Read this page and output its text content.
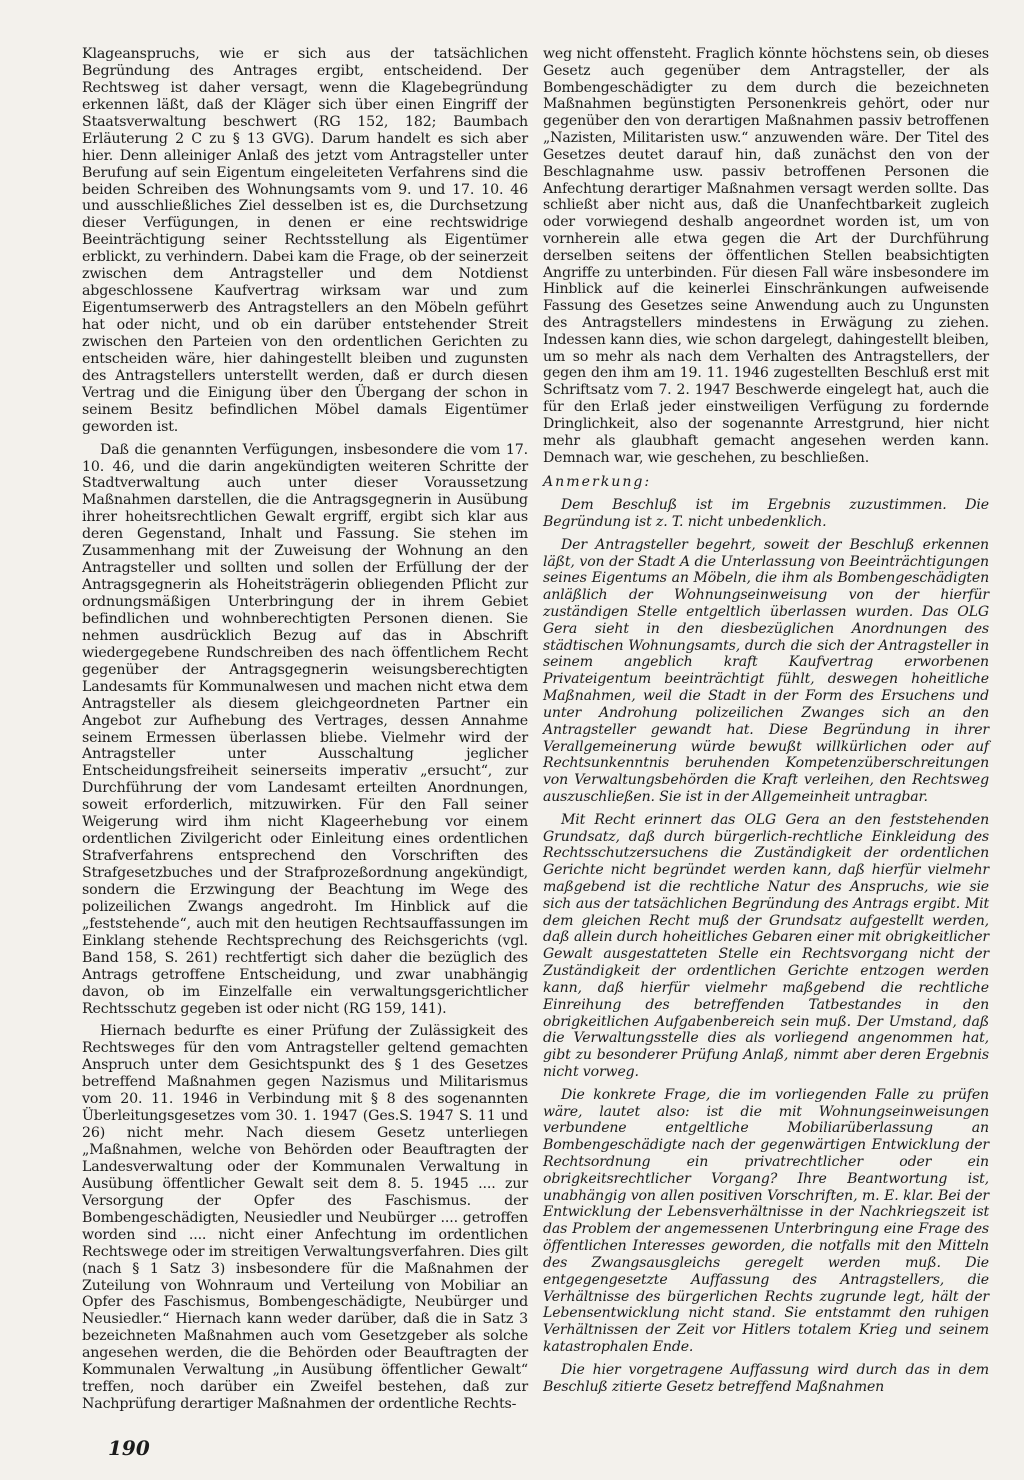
Klageanspruchs, wie er sich aus der tatsächlichen Begründung des Antrages ergibt, entscheidend. Der Rechtsweg ist daher versagt, wenn die Klagebegründung erkennen läßt, daß der Kläger sich über einen Eingriff der Staatsverwaltung beschwert (RG 152, 182; Baumbach Erläuterung 2 C zu § 13 GVG). Darum handelt es sich aber hier. Denn alleiniger Anlaß des jetzt vom Antragsteller unter Berufung auf sein Eigentum eingeleiteten Verfahrens sind die beiden Schreiben des Wohnungsamts vom 9. und 17. 10. 46 und ausschließliches Ziel desselben ist es, die Durchsetzung dieser Verfügungen, in denen er eine rechtswidrige Beeinträchtigung seiner Rechtsstellung als Eigentümer erblickt, zu verhindern. Dabei kam die Frage, ob der seinerzeit zwischen dem Antragsteller und dem Notdienst abgeschlossene Kaufvertrag wirksam war und zum Eigentumserwerb des Antragstellers an den Möbeln geführt hat oder nicht, und ob ein darüber entstehender Streit zwischen den Parteien von den ordentlichen Gerichten zu entscheiden wäre, hier dahingestellt bleiben und zugunsten des Antragstellers unterstellt werden, daß er durch diesen Vertrag und die Einigung über den Übergang der schon in seinem Besitz befindlichen Möbel damals Eigentümer geworden ist.

Daß die genannten Verfügungen, insbesondere die vom 17. 10. 46, und die darin angekündigten weiteren Schritte der Stadtverwaltung auch unter dieser Voraussetzung Maßnahmen darstellen, die die Antragsgegnerin in Ausübung ihrer hoheitsrechtlichen Gewalt ergriff, ergibt sich klar aus deren Gegenstand, Inhalt und Fassung. Sie stehen im Zusammenhang mit der Zuweisung der Wohnung an den Antragsteller und sollten und sollen der Erfüllung der der Antragsgegnerin als Hoheitsträgerin obliegenden Pflicht zur ordnungsmäßigen Unterbringung der in ihrem Gebiet befindlichen und wohnberechtigten Personen dienen. Sie nehmen ausdrücklich Bezug auf das in Abschrift wiedergegebene Rundschreiben des nach öffentlichem Recht gegenüber der Antragsgegnerin weisungsberechtigten Landesamts für Kommunalwesen und machen nicht etwa dem Antragsteller als diesem gleichgeordneten Partner ein Angebot zur Aufhebung des Vertrages, dessen Annahme seinem Ermessen überlassen bliebe. Vielmehr wird der Antragsteller unter Ausschaltung jeglicher Entscheidungsfreiheit seinerseits imperativ „ersucht“, zur Durchführung der vom Landesamt erteilten Anordnungen, soweit erforderlich, mitzuwirken. Für den Fall seiner Weigerung wird ihm nicht Klageerhebung vor einem ordentlichen Zivilgericht oder Einleitung eines ordentlichen Strafverfahrens entsprechend den Vorschriften des Strafgesetzbuches und der Strafprozeßordnung angekündigt, sondern die Erzwingung der Beachtung im Wege des polizeilichen Zwangs angedroht. Im Hinblick auf die „feststehende“, auch mit den heutigen Rechtsauffassungen im Einklang stehende Rechtsprechung des Reichsgerichts (vgl. Band 158, S. 261) rechtfertigt sich daher die bezüglich des Antrags getroffene Entscheidung, und zwar unabhängig davon, ob im Einzelfalle ein verwaltungsgerichtlicher Rechtsschutz gegeben ist oder nicht (RG 159, 141).

Hiernach bedurfte es einer Prüfung der Zulässigkeit des Rechtsweges für den vom Antragsteller geltend gemachten Anspruch unter dem Gesichtspunkt des § 1 des Gesetzes betreffend Maßnahmen gegen Nazismus und Militarismus vom 20. 11. 1946 in Verbindung mit § 8 des sogenannten Überleitungsgesetzes vom 30. 1. 1947 (Ges.S. 1947 S. 11 und 26) nicht mehr. Nach diesem Gesetz unterliegen „Maßnahmen, welche von Behörden oder Beauftragten der Landesverwaltung oder der Kommunalen Verwaltung in Ausübung öffentlicher Gewalt seit dem 8. 5. 1945 .... zur Versorgung der Opfer des Faschismus. der Bombengeschädigten, Neusiedler und Neubürger .... getroffen worden sind .... nicht einer Anfechtung im ordentlichen Rechtswege oder im streitigen Verwaltungsverfahren. Dies gilt (nach § 1 Satz 3) insbesondere für die Maßnahmen der Zuteilung von Wohnraum und Verteilung von Mobiliar an Opfer des Faschismus, Bombengeschädigte, Neubürger und Neusiedler.“ Hiernach kann weder darüber, daß die in Satz 3 bezeichneten Maßnahmen auch vom Gesetzgeber als solche angesehen werden, die die Behörden oder Beauftragten der Kommunalen Verwaltung „in Ausübung öffentlicher Gewalt“ treffen, noch darüber ein Zweifel bestehen, daß zur Nachprüfung derartiger Maßnahmen der ordentliche Rechts-

weg nicht offensteht. Fraglich könnte höchstens sein, ob dieses Gesetz auch gegenüber dem Antragsteller, der als Bombengeschädigter zu dem durch die bezeichneten Maßnahmen begünstigten Personenkreis gehört, oder nur gegenüber den von derartigen Maßnahmen passiv betroffenen „Nazisten, Militaristen usw.“ anzuwenden wäre. Der Titel des Gesetzes deutet darauf hin, daß zunächst den von der Beschlagnahme usw. passiv betroffenen Personen die Anfechtung derartiger Maßnahmen versagt werden sollte. Das schließt aber nicht aus, daß die Unanfechtbarkeit zugleich oder vorwiegend deshalb angeordnet worden ist, um von vornherein alle etwa gegen die Art der Durchführung derselben seitens der öffentlichen Stellen beabsichtigten Angriffe zu unterbinden. Für diesen Fall wäre insbesondere im Hinblick auf die keinerlei Einschränkungen aufweisende Fassung des Gesetzes seine Anwendung auch zu Ungunsten des Antragstellers mindestens in Erwägung zu ziehen. Indessen kann dies, wie schon dargelegt, dahingestellt bleiben, um so mehr als nach dem Verhalten des Antragstellers, der gegen den ihm am 19. 11. 1946 zugestellten Beschluß erst mit Schriftsatz vom 7. 2. 1947 Beschwerde eingelegt hat, auch die für den Erlaß jeder einstweiligen Verfügung zu fordernde Dringlichkeit, also der sogenannte Arrestgrund, hier nicht mehr als glaubhaft gemacht angesehen werden kann. Demnach war, wie geschehen, zu beschließen.

Anmerkung:

Dem Beschluß ist im Ergebnis zuzustimmen. Die Begründung ist z. T. nicht unbedenklich.

Der Antragsteller begehrt, soweit der Beschluß erkennen läßt, von der Stadt A die Unterlassung von Beeinträchtigungen seines Eigentums an Möbeln, die ihm als Bombengeschädigten anläßlich der Wohnungseinweisung von der hierfür zuständigen Stelle entgeltlich überlassen wurden. Das OLG Gera sieht in den diesbezüglichen Anordnungen des städtischen Wohnungsamts, durch die sich der Antragsteller in seinem angeblich kraft Kaufvertrag erworbenen Privateigentum beeinträchtigt fühlt, deswegen hoheitliche Maßnahmen, weil die Stadt in der Form des Ersuchens und unter Androhung polizeilichen Zwanges sich an den Antragsteller gewandt hat. Diese Begründung in ihrer Verallgemeinerung würde bewußt willkürlichen oder auf Rechtsunkenntnis beruhenden Kompetenzüberschreitungen von Verwaltungsbehörden die Kraft verleihen, den Rechtsweg auszuschließen. Sie ist in der Allgemeinheit untragbar.

Mit Recht erinnert das OLG Gera an den feststehenden Grundsatz, daß durch bürgerlich-rechtliche Einkleidung des Rechtsschutzersuchens die Zuständigkeit der ordentlichen Gerichte nicht begründet werden kann, daß hierfür vielmehr maßgebend ist die rechtliche Natur des Anspruchs, wie sie sich aus der tatsächlichen Begründung des Antrags ergibt. Mit dem gleichen Recht muß der Grundsatz aufgestellt werden, daß allein durch hoheitliches Gebaren einer mit obrigkeitlicher Gewalt ausgestatteten Stelle ein Rechtsvorgang nicht der Zuständigkeit der ordentlichen Gerichte entzogen werden kann, daß hierfür vielmehr maßgebend die rechtliche Einreihung des betreffenden Tatbestandes in den obrigkeitlichen Aufgabenbereich sein muß. Der Umstand, daß die Verwaltungsstelle dies als vorliegend angenommen hat, gibt zu besonderer Prüfung Anlaß, nimmt aber deren Ergebnis nicht vorweg.

Die konkrete Frage, die im vorliegenden Falle zu prüfen wäre, lautet also: ist die mit Wohnungseinweisungen verbundene entgeltliche Mobiliarüberlassung an Bombengeschädigte nach der gegenwärtigen Entwicklung der Rechtsordnung ein privatrechtlicher oder ein obrigkeitsrechtlicher Vorgang? Ihre Beantwortung ist, unabhängig von allen positiven Vorschriften, m. E. klar. Bei der Entwicklung der Lebensverhältnisse in der Nachkriegszeit ist das Problem der angemessenen Unterbringung eine Frage des öffentlichen Interesses geworden, die notfalls mit den Mitteln des Zwangsausgleichs geregelt werden muß. Die entgegengesetzte Auffassung des Antragstellers, die Verhältnisse des bürgerlichen Rechts zugrunde legt, hält der Lebensentwicklung nicht stand. Sie entstammt den ruhigen Verhältnissen der Zeit vor Hitlers totalem Krieg und seinem katastrophalen Ende.

Die hier vorgetragene Auffassung wird durch das in dem Beschluß zitierte Gesetz betreffend Maßnahmen

190
